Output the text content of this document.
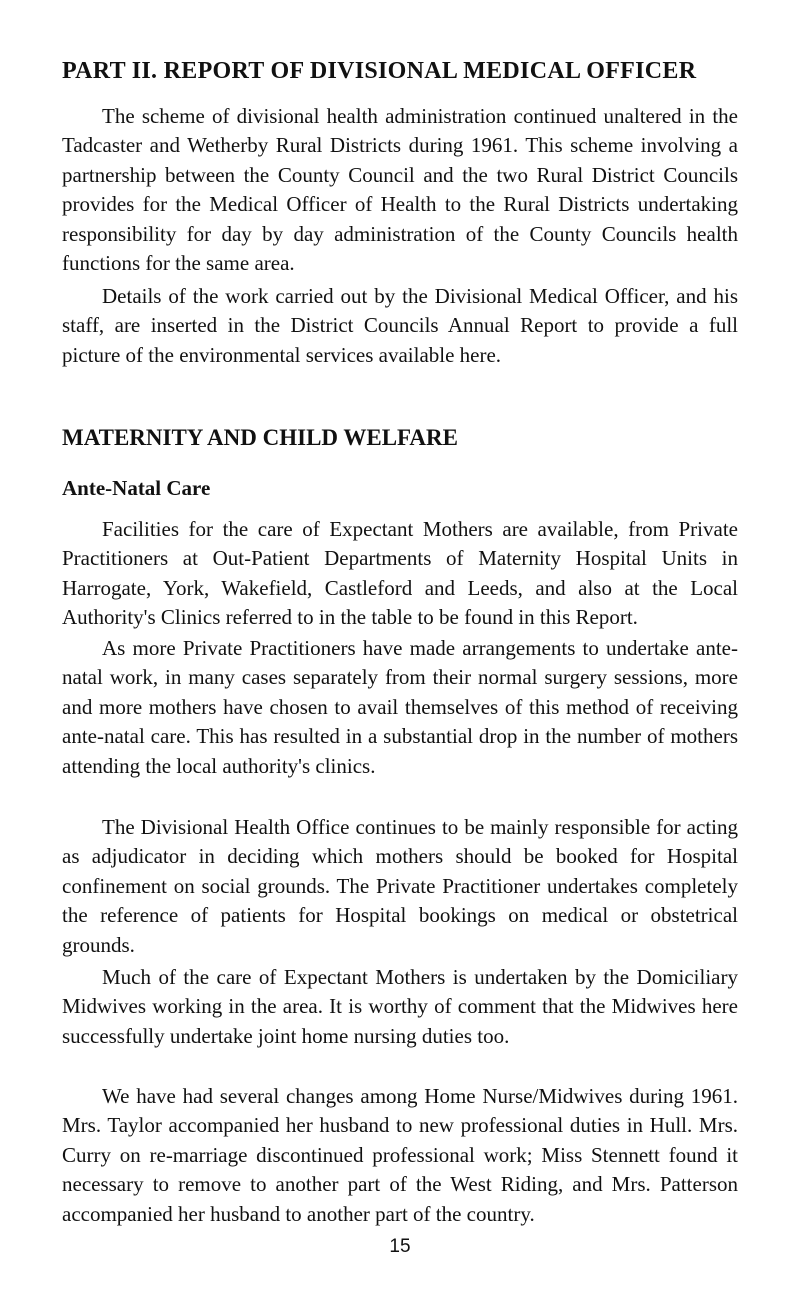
PART II. REPORT OF DIVISIONAL MEDICAL OFFICER

The scheme of divisional health administration continued unaltered in the Tadcaster and Wetherby Rural Districts during 1961. This scheme involving a partnership between the County Council and the two Rural District Councils provides for the Medical Officer of Health to the Rural Districts undertaking responsibility for day by day administration of the County Councils health functions for the same area.

Details of the work carried out by the Divisional Medical Officer, and his staff, are inserted in the District Councils Annual Report to provide a full picture of the environmental services available here.

MATERNITY AND CHILD WELFARE
Ante-Natal Care

Facilities for the care of Expectant Mothers are available, from Private Practitioners at Out-Patient Departments of Maternity Hospital Units in Harrogate, York, Wakefield, Castleford and Leeds, and also at the Local Authority's Clinics referred to in the table to be found in this Report.

As more Private Practitioners have made arrangements to undertake ante-natal work, in many cases separately from their normal surgery sessions, more and more mothers have chosen to avail themselves of this method of receiving ante-natal care. This has resulted in a substantial drop in the number of mothers attending the local authority's clinics.

The Divisional Health Office continues to be mainly responsible for acting as adjudicator in deciding which mothers should be booked for Hospital confinement on social grounds. The Private Practitioner undertakes completely the reference of patients for Hospital bookings on medical or obstetrical grounds.

Much of the care of Expectant Mothers is undertaken by the Domiciliary Midwives working in the area. It is worthy of comment that the Midwives here successfully undertake joint home nursing duties too.

We have had several changes among Home Nurse/Midwives during 1961. Mrs. Taylor accompanied her husband to new professional duties in Hull. Mrs. Curry on re-marriage discontinued professional work; Miss Stennett found it necessary to remove to another part of the West Riding, and Mrs. Patterson accompanied her husband to another part of the country.

15
